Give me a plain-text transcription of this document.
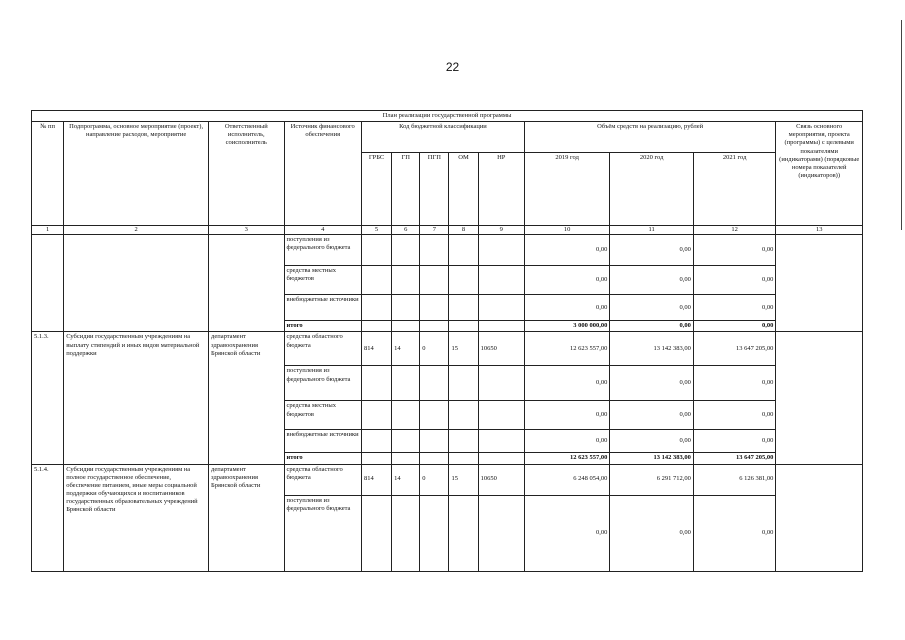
22
План реализации государственной программы												
№ пп	Подпрограмма, основное мероприятие (проект), направление расходов, мероприятие	Ответственный исполнитель, соисполнитель	Источник финансового обеспечения	Код бюджетной классификации					Объём средств на реализацию, рублей			Связь основного мероприятия, проекта (программы) с целевыми показателями (индикаторами) (порядковые номера показателей (индикаторов))
				ГРБС	ГП	ПГП	ОМ	НР	2019 год	2020 год	2021 год	
1	2	3	4	5	6	7	8	9	10	11	12	13
			поступления из федерального бюджета						0,00	0,00	0,00	
			средства местных бюджетов						0,00	0,00	0,00	
			внебюджетные источники						0,00	0,00	0,00	
			итого						3 000 000,00	0,00	0,00	
5.1.3.	Субсидии государственным учреждениям на выплату стипендий и иных видов материальной поддержки	департамент здравоохранения Брянской области	средства областного бюджета	814	14	0	15	10650	12 623 557,00	13 142 383,00	13 647 205,00	
			поступления из федерального бюджета						0,00	0,00	0,00	
			средства местных бюджетов						0,00	0,00	0,00	
			внебюджетные источники						0,00	0,00	0,00	
			итого						12 623 557,00	13 142 383,00	13 647 205,00	
5.1.4.	Субсидии государственным учреждениям на полное государственное обеспечение, обеспечение питанием, иные меры социальной поддержки обучающихся и воспитанников государственных образовательных учреждений Брянской области	департамент здравоохранения Брянской области	средства областного бюджета	814	14	0	15	10650	6 248 054,00	6 291 712,00	6 126 381,00	
			поступления из федерального бюджета						0,00	0,00	0,00	
